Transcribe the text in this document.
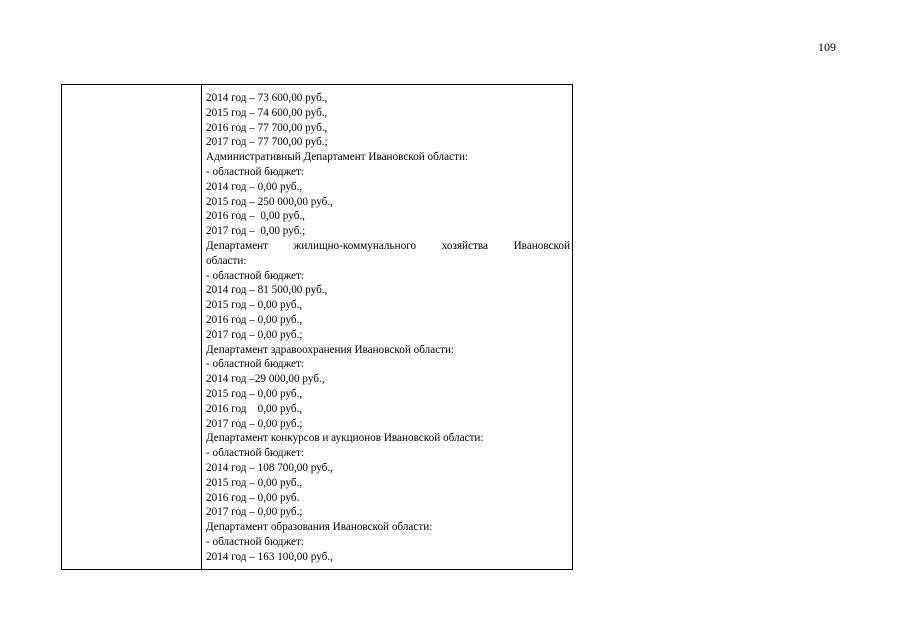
109
2014 год – 73 600,00 руб.,
2015 год – 74 600,00 руб.,
2016 год – 77 700,00 руб.,
2017 год – 77 700,00 руб.;
Административный Департамент Ивановской области:
- областной бюджет:
2014 год – 0,00 руб.,
2015 год – 250 000,00 руб.,
2016 год –  0,00 руб.,
2017 год –  0,00 руб.;
Департамент жилищно-коммунального хозяйства Ивановской
области:
- областной бюджет:
2014 год – 81 500,00 руб.,
2015 год – 0,00 руб.,
2016 год – 0,00 руб.,
2017 год – 0,00 руб.;
Департамент здравоохранения Ивановской области:
- областной бюджет:
2014 год –29 000,00 руб.,
2015 год – 0,00 руб.,
2016 год    0,00 руб.,
2017 год – 0,00 руб.;
Департамент конкурсов и аукционов Ивановской области:
- областной бюджет:
2014 год – 108 700,00 руб.,
2015 год – 0,00 руб.,
2016 год – 0,00 руб.
2017 год – 0,00 руб.;
Департамент образования Ивановской области:
- областной бюджет:
2014 год – 163 100,00 руб.,
